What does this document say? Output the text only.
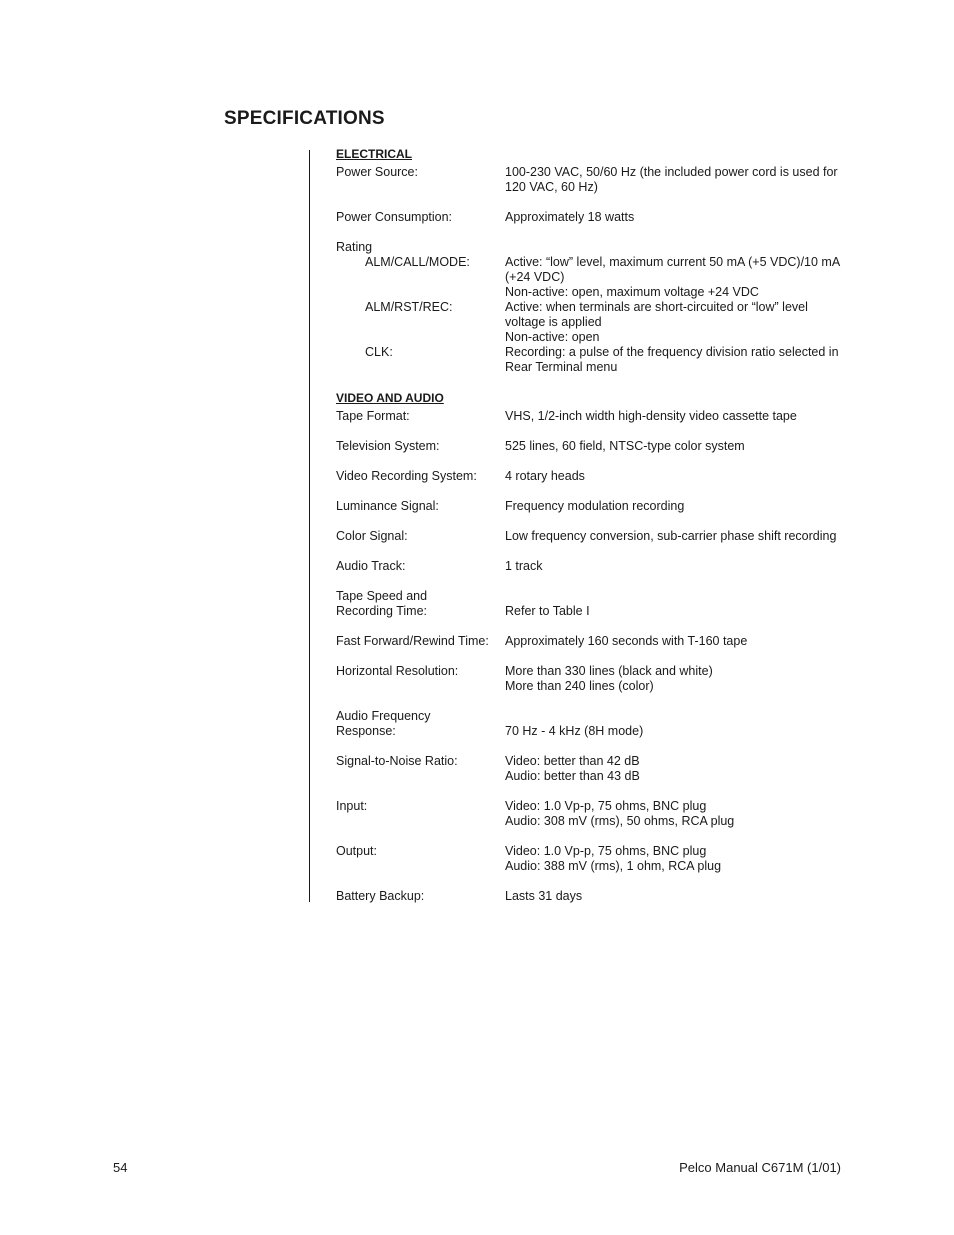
SPECIFICATIONS
ELECTRICAL
Power Source:	100-230 VAC, 50/60 Hz (the included power cord is used for
120 VAC, 60 Hz)
Power Consumption:	Approximately 18 watts
Rating
ALM/CALL/MODE:	Active: “low” level, maximum current 50 mA (+5 VDC)/10 mA
(+24 VDC)
Non-active: open, maximum voltage +24 VDC
ALM/RST/REC:	Active: when terminals are short-circuited or “low” level
voltage is applied
Non-active: open
CLK:	Recording: a pulse of the frequency division ratio selected in
Rear Terminal menu
VIDEO AND AUDIO
Tape Format:	VHS, 1/2-inch width high-density video cassette tape
Television System:	525 lines, 60 field, NTSC-type color system
Video Recording System:	4 rotary heads
Luminance Signal:	Frequency modulation recording
Color Signal:	Low frequency conversion, sub-carrier phase shift recording
Audio Track:	1 track
Tape Speed and
Recording Time:	Refer to Table I
Fast Forward/Rewind Time:	Approximately 160 seconds with T-160 tape
Horizontal Resolution:	More than 330 lines (black and white)
More than 240 lines (color)
Audio Frequency
Response:	70 Hz - 4 kHz (8H mode)
Signal-to-Noise Ratio:	Video: better than 42 dB
Audio: better than 43 dB
Input:	Video: 1.0 Vp-p, 75 ohms, BNC plug
Audio: 308 mV (rms), 50 ohms, RCA plug
Output:	Video: 1.0 Vp-p, 75 ohms, BNC plug
Audio: 388 mV (rms), 1 ohm, RCA plug
Battery Backup:	Lasts 31 days
54	Pelco Manual C671M (1/01)
